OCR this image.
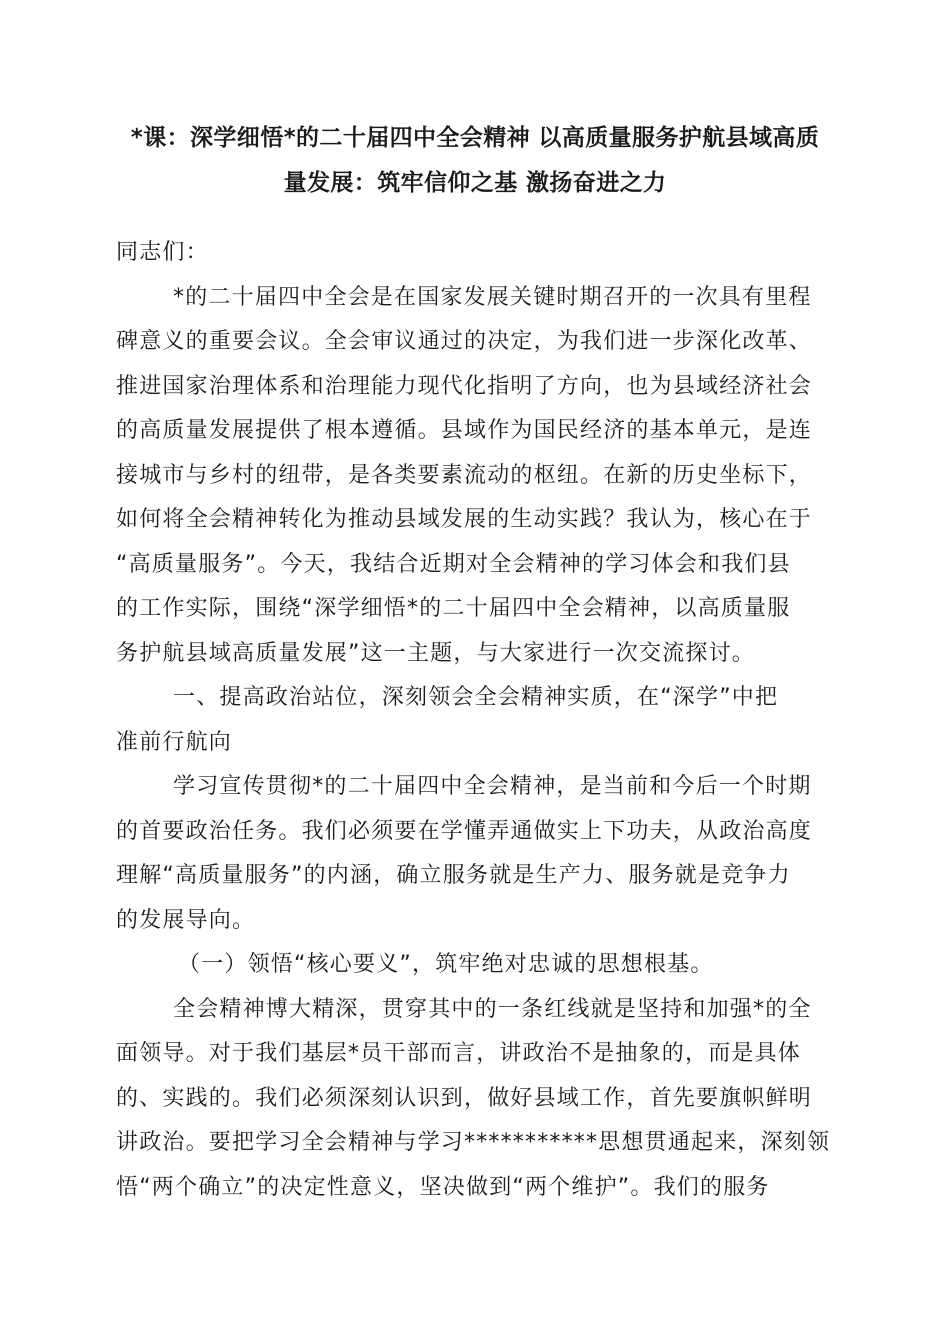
*课：深学细悟*的二十届四中全会精神 以高质量服务护航县域高质
量发展：筑牢信仰之基 激扬奋进之力
同志们：
*的二十届四中全会是在国家发展关键时期召开的一次具有里程
碑意义的重要会议。全会审议通过的决定，为我们进一步深化改革、
推进国家治理体系和治理能力现代化指明了方向，也为县域经济社会
的高质量发展提供了根本遵循。县域作为国民经济的基本单元，是连
接城市与乡村的纽带，是各类要素流动的枢纽。在新的历史坐标下，
如何将全会精神转化为推动县域发展的生动实践？我认为，核心在于
“高质量服务”。今天，我结合近期对全会精神的学习体会和我们县
的工作实际，围绕“深学细悟*的二十届四中全会精神，以高质量服
务护航县域高质量发展”这一主题，与大家进行一次交流探讨。
一、提高政治站位，深刻领会全会精神实质，在“深学”中把
准前行航向
学习宣传贯彻*的二十届四中全会精神，是当前和今后一个时期
的首要政治任务。我们必须要在学懂弄通做实上下功夫，从政治高度
理解“高质量服务”的内涵，确立服务就是生产力、服务就是竞争力
的发展导向。
（一）领悟“核心要义”，筑牢绝对忠诚的思想根基。
全会精神博大精深，贯穿其中的一条红线就是坚持和加强*的全
面领导。对于我们基层*员干部而言，讲政治不是抽象的，而是具体
的、实践的。我们必须深刻认识到，做好县域工作，首先要旗帜鲜明
讲政治。要把学习全会精神与学习***********思想贯通起来，深刻领
悟“两个确立”的决定性意义，坚决做到“两个维护”。我们的服务
